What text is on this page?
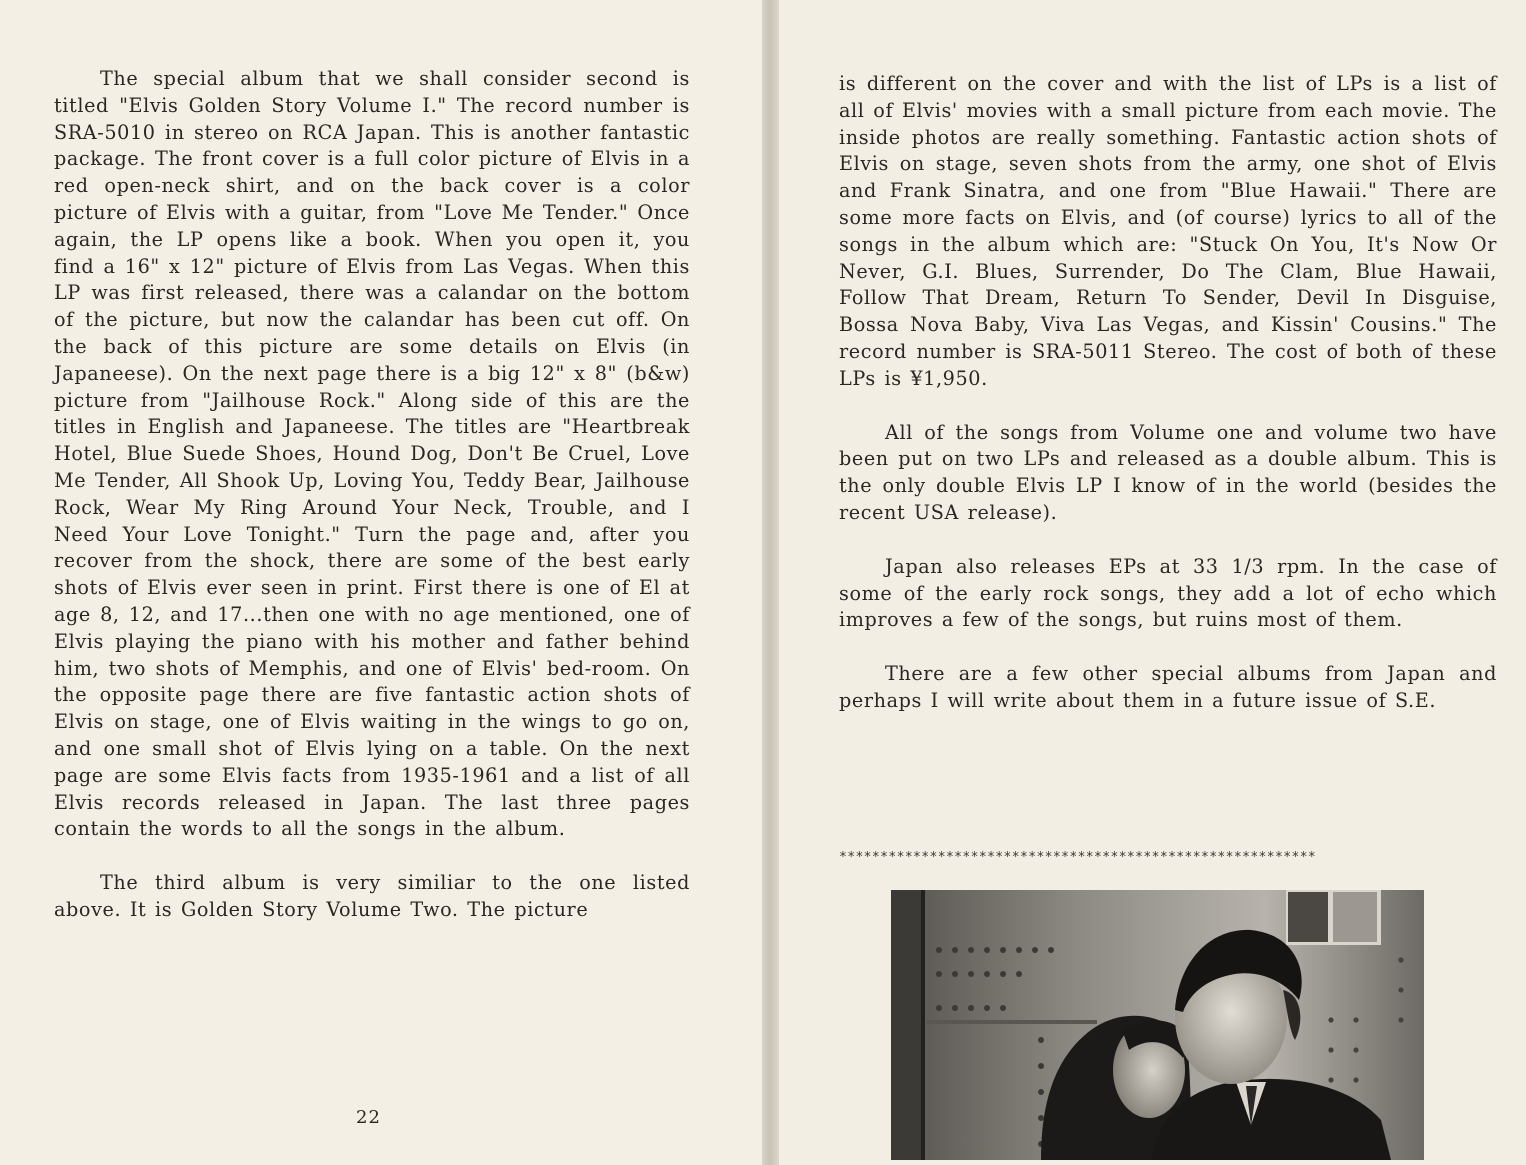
The special album that we shall consider second is titled "Elvis Golden Story Volume I." The record number is SRA-5010 in stereo on RCA Japan. This is another fantastic package. The front cover is a full color picture of Elvis in a red open-neck shirt, and on the back cover is a color picture of Elvis with a guitar, from "Love Me Tender." Once again, the LP opens like a book. When you open it, you find a 16" x 12" picture of Elvis from Las Vegas. When this LP was first released, there was a calandar on the bottom of the picture, but now the calandar has been cut off. On the back of this picture are some details on Elvis (in Japaneese). On the next page there is a big 12" x 8" (b&w) picture from "Jailhouse Rock." Along side of this are the titles in English and Japaneese. The titles are "Heartbreak Hotel, Blue Suede Shoes, Hound Dog, Don't Be Cruel, Love Me Tender, All Shook Up, Loving You, Teddy Bear, Jailhouse Rock, Wear My Ring Around Your Neck, Trouble, and I Need Your Love Tonight." Turn the page and, after you recover from the shock, there are some of the best early shots of Elvis ever seen in print. First there is one of El at age 8, 12, and 17...then one with no age mentioned, one of Elvis playing the piano with his mother and father behind him, two shots of Memphis, and one of Elvis' bed-room. On the opposite page there are five fantastic action shots of Elvis on stage, one of Elvis waiting in the wings to go on, and one small shot of Elvis lying on a table. On the next page are some Elvis facts from 1935-1961 and a list of all Elvis records released in Japan. The last three pages contain the words to all the songs in the album.

The third album is very similiar to the one listed above. It is Golden Story Volume Two. The picture

22

is different on the cover and with the list of LPs is a list of all of Elvis' movies with a small picture from each movie. The inside photos are really something. Fantastic action shots of Elvis on stage, seven shots from the army, one shot of Elvis and Frank Sinatra, and one from "Blue Hawaii." There are some more facts on Elvis, and (of course) lyrics to all of the songs in the album which are: "Stuck On You, It's Now Or Never, G.I. Blues, Surrender, Do The Clam, Blue Hawaii, Follow That Dream, Return To Sender, Devil In Disguise, Bossa Nova Baby, Viva Las Vegas, and Kissin' Cousins." The record number is SRA-5011 Stereo. The cost of both of these LPs is ¥1,950.

All of the songs from Volume one and volume two have been put on two LPs and released as a double album. This is the only double Elvis LP I know of in the world (besides the recent USA release).

Japan also releases EPs at 33 1/3 rpm. In the case of some of the early rock songs, they add a lot of echo which improves a few of the songs, but ruins most of them.

There are a few other special albums from Japan and perhaps I will write about them in a future issue of S.E.

**********************************************************
